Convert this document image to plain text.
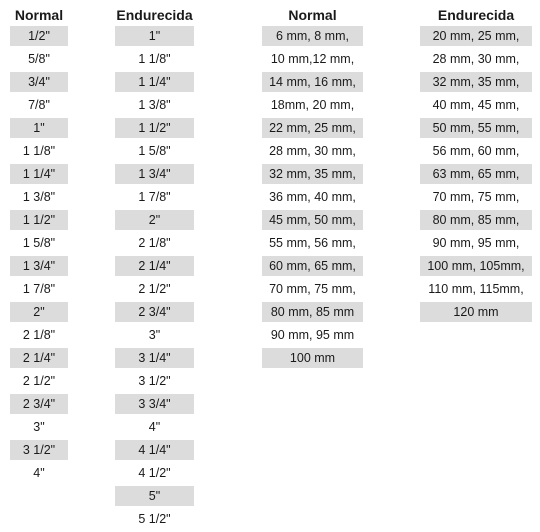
Normal
1/2"
5/8"
3/4"
7/8"
1"
1 1/8"
1 1/4"
1 3/8"
1 1/2"
1 5/8"
1 3/4"
1 7/8"
2"
2 1/8"
2 1/4"
2 1/2"
2 3/4"
3"
3 1/2"
4"
Endurecida
1"
1 1/8"
1 1/4"
1 3/8"
1 1/2"
1 5/8"
1 3/4"
1 7/8"
2"
2 1/8"
2 1/4"
2 1/2"
2 3/4"
3"
3 1/4"
3 1/2"
3 3/4"
4"
4 1/4"
4 1/2"
5"
5 1/2"
Normal
6 mm, 8 mm,
10 mm,12 mm,
14 mm, 16 mm,
18mm, 20 mm,
22 mm, 25 mm,
28 mm, 30 mm,
32 mm, 35 mm,
36 mm, 40 mm,
45 mm, 50 mm,
55 mm, 56 mm,
60 mm, 65 mm,
70 mm, 75 mm,
80 mm, 85 mm
90 mm, 95 mm
100 mm
Endurecida
20 mm, 25 mm,
28 mm, 30 mm,
32 mm, 35 mm,
40 mm, 45 mm,
50 mm, 55 mm,
56 mm, 60 mm,
63 mm, 65 mm,
70 mm, 75 mm,
80 mm, 85 mm,
90 mm, 95 mm,
100 mm, 105mm,
110 mm, 115mm,
120 mm
